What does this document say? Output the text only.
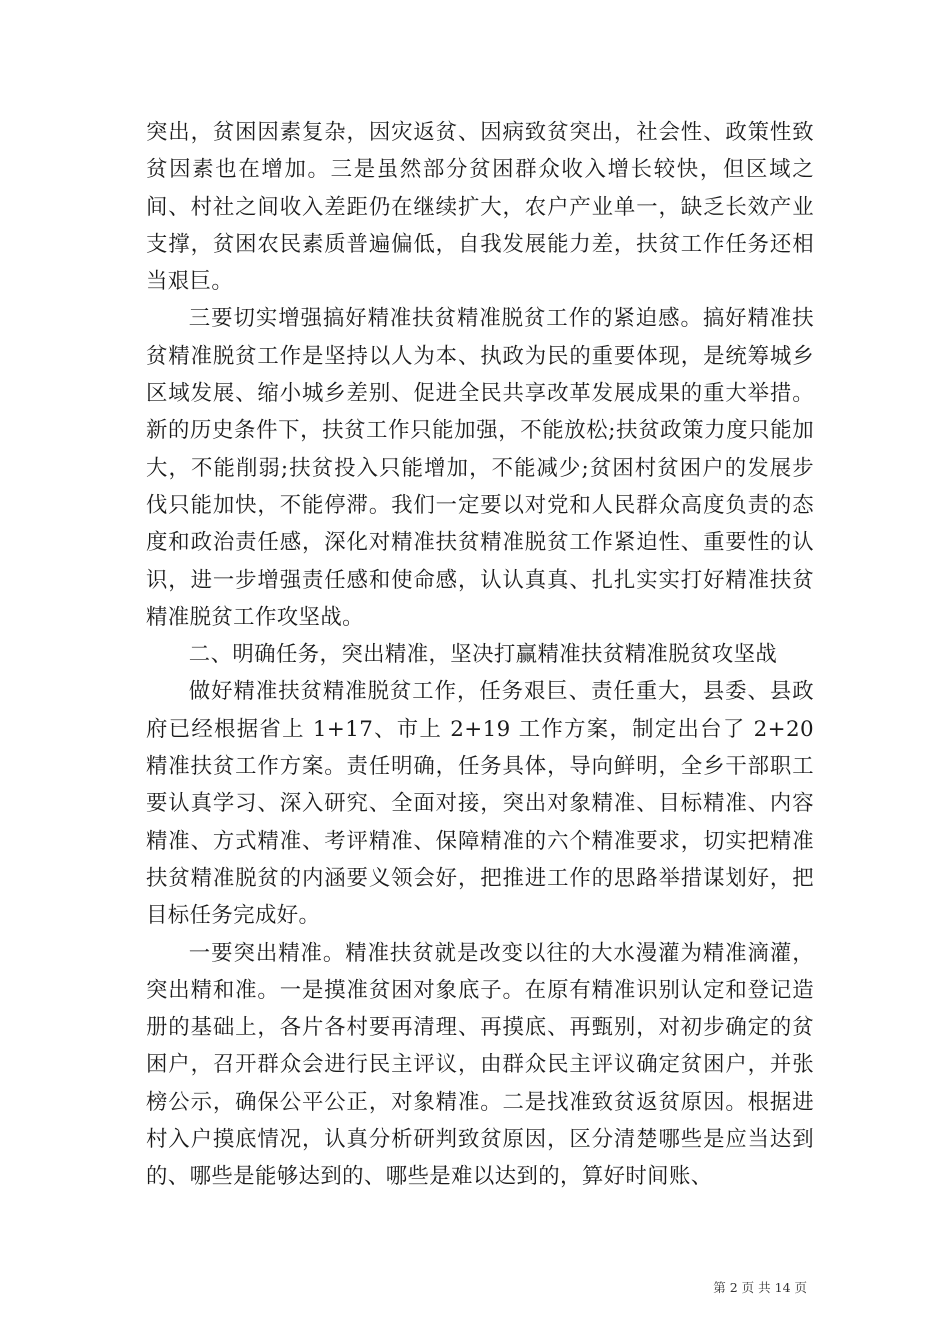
突出，贫困因素复杂，因灾返贫、因病致贫突出，社会性、政策性致贫因素也在增加。三是虽然部分贫困群众收入增长较快，但区域之间、村社之间收入差距仍在继续扩大，农户产业单一，缺乏长效产业支撑，贫困农民素质普遍偏低，自我发展能力差，扶贫工作任务还相当艰巨。

三要切实增强搞好精准扶贫精准脱贫工作的紧迫感。搞好精准扶贫精准脱贫工作是坚持以人为本、执政为民的重要体现，是统筹城乡区域发展、缩小城乡差别、促进全民共享改革发展成果的重大举措。新的历史条件下，扶贫工作只能加强，不能放松;扶贫政策力度只能加大，不能削弱;扶贫投入只能增加，不能减少;贫困村贫困户的发展步伐只能加快，不能停滞。我们一定要以对党和人民群众高度负责的态度和政治责任感，深化对精准扶贫精准脱贫工作紧迫性、重要性的认识，进一步增强责任感和使命感，认认真真、扎扎实实打好精准扶贫精准脱贫工作攻坚战。

二、明确任务，突出精准，坚决打赢精准扶贫精准脱贫攻坚战

做好精准扶贫精准脱贫工作，任务艰巨、责任重大，县委、县政府已经根据省上 1+17、市上 2+19 工作方案，制定出台了 2+20 精准扶贫工作方案。责任明确，任务具体，导向鲜明，全乡干部职工要认真学习、深入研究、全面对接，突出对象精准、目标精准、内容精准、方式精准、考评精准、保障精准的六个精准要求，切实把精准扶贫精准脱贫的内涵要义领会好，把推进工作的思路举措谋划好，把目标任务完成好。

一要突出精准。精准扶贫就是改变以往的大水漫灌为精准滴灌，突出精和准。一是摸准贫困对象底子。在原有精准识别认定和登记造册的基础上，各片各村要再清理、再摸底、再甄别，对初步确定的贫困户，召开群众会进行民主评议，由群众民主评议确定贫困户，并张榜公示，确保公平公正，对象精准。二是找准致贫返贫原因。根据进村入户摸底情况，认真分析研判致贫原因，区分清楚哪些是应当达到的、哪些是能够达到的、哪些是难以达到的，算好时间账、

第 2 页 共 14 页
